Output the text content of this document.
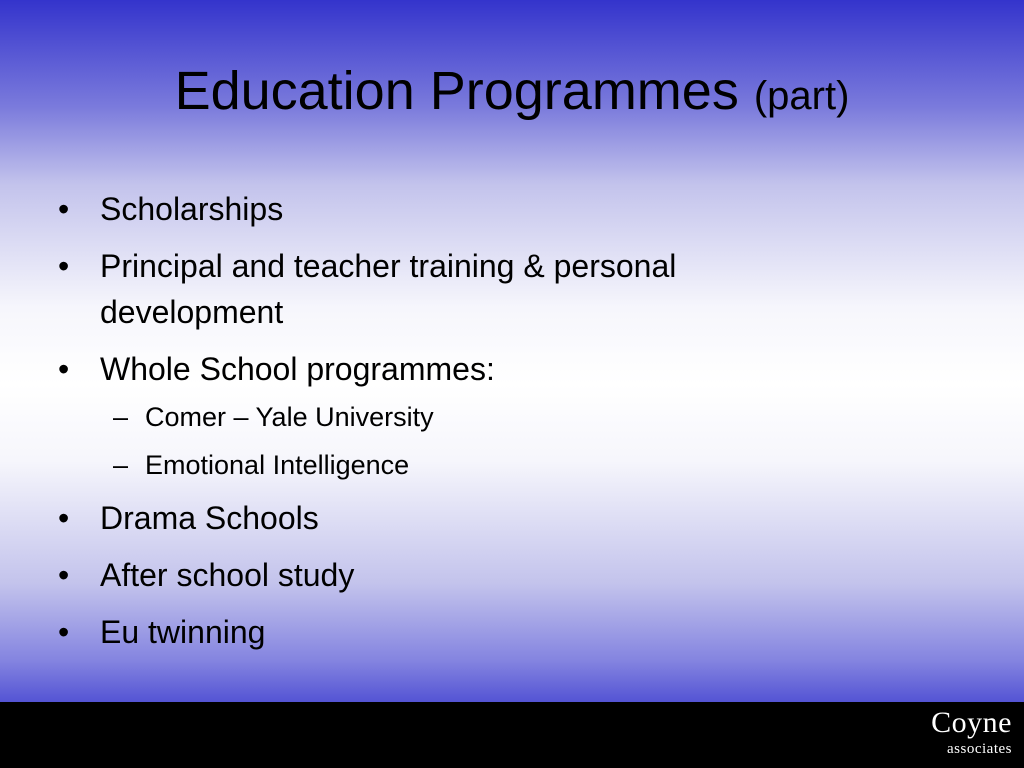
Education Programmes (part)
• Scholarships
• Principal and teacher training & personal development
• Whole School programmes:
– Comer – Yale University
– Emotional Intelligence
• Drama Schools
• After school study
• Eu twinning
Coyne
associates
